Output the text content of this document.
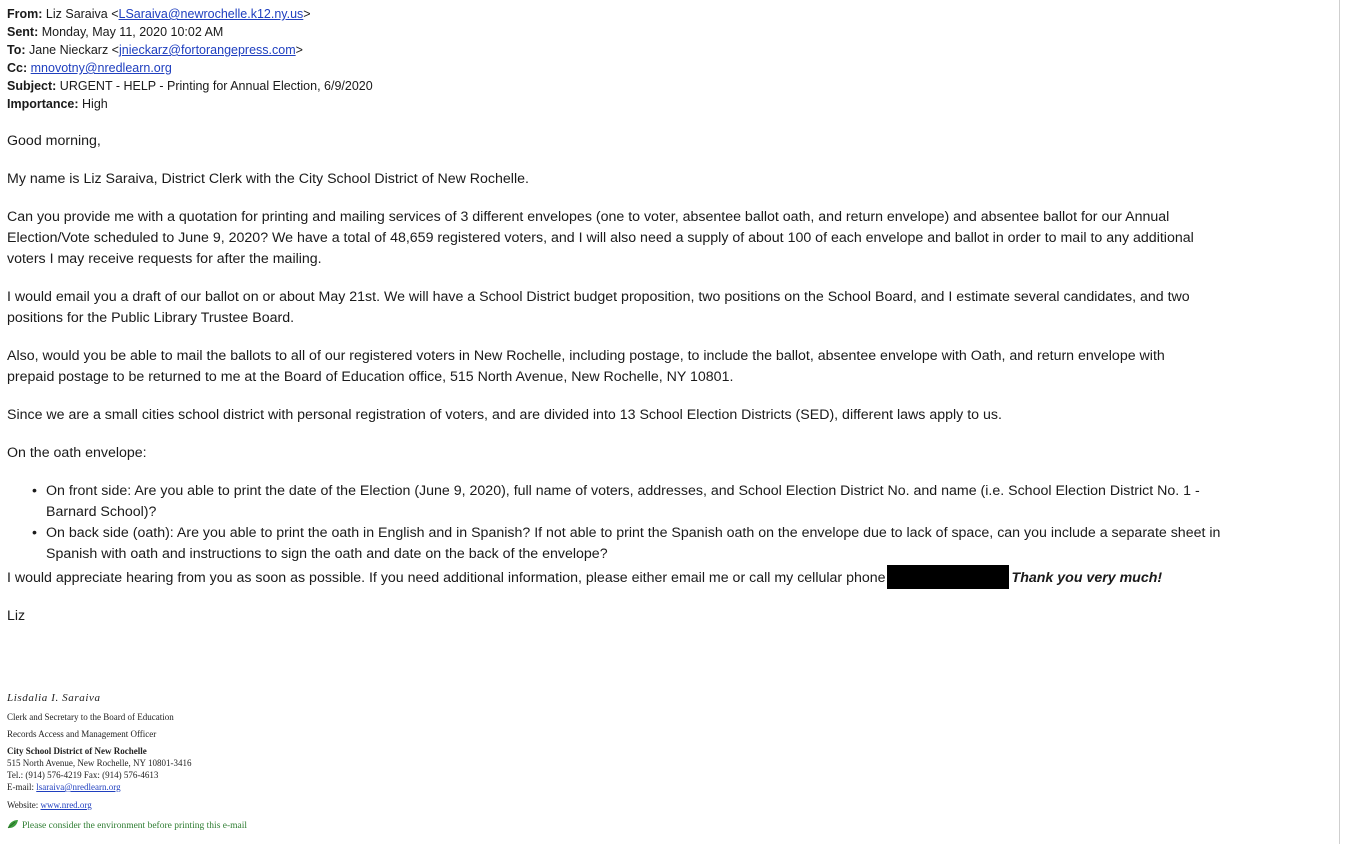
From: Liz Saraiva <LSaraiva@newrochelle.k12.ny.us>
Sent: Monday, May 11, 2020 10:02 AM
To: Jane Nieckarz <jnieckarz@fortorangepress.com>
Cc: mnovotny@nredlearn.org
Subject: URGENT - HELP - Printing for Annual Election, 6/9/2020
Importance: High

Good morning,

My name is Liz Saraiva, District Clerk with the City School District of New Rochelle.

Can you provide me with a quotation for printing and mailing services of 3 different envelopes (one to voter, absentee ballot oath, and return envelope) and absentee ballot for our Annual
Election/Vote scheduled to June 9, 2020? We have a total of 48,659 registered voters, and I will also need a supply of about 100 of each envelope and ballot in order to mail to any additional
voters I may receive requests for after the mailing.

I would email you a draft of our ballot on or about May 21st. We will have a School District budget proposition, two positions on the School Board, and I estimate several candidates, and two
positions for the Public Library Trustee Board.

Also, would you be able to mail the ballots to all of our registered voters in New Rochelle, including postage, to include the ballot, absentee envelope with Oath, and return envelope with
prepaid postage to be returned to me at the Board of Education office, 515 North Avenue, New Rochelle, NY 10801.

Since we are a small cities school district with personal registration of voters, and are divided into 13 School Election Districts (SED), different laws apply to us.

On the oath envelope:

• On front side: Are you able to print the date of the Election (June 9, 2020), full name of voters, addresses, and School Election District No. and name (i.e. School Election District No. 1 -
Barnard School)?
• On back side (oath): Are you able to print the oath in English and in Spanish? If not able to print the Spanish oath on the envelope due to lack of space, can you include a separate sheet in
Spanish with oath and instructions to sign the oath and date on the back of the envelope?

I would appreciate hearing from you as soon as possible. If you need additional information, please either email me or call my cellular phone	Thank you very much!

Liz

Lisdalia I. Saraiva
Clerk and Secretary to the Board of Education
Records Access and Management Officer
City School District of New Rochelle
515 North Avenue, New Rochelle, NY 10801-3416
Tel.: (914) 576-4219 Fax: (914) 576-4613
E-mail: lsaraiva@nredlearn.org
Website: www.nred.org
Please consider the environment before printing this e-mail
